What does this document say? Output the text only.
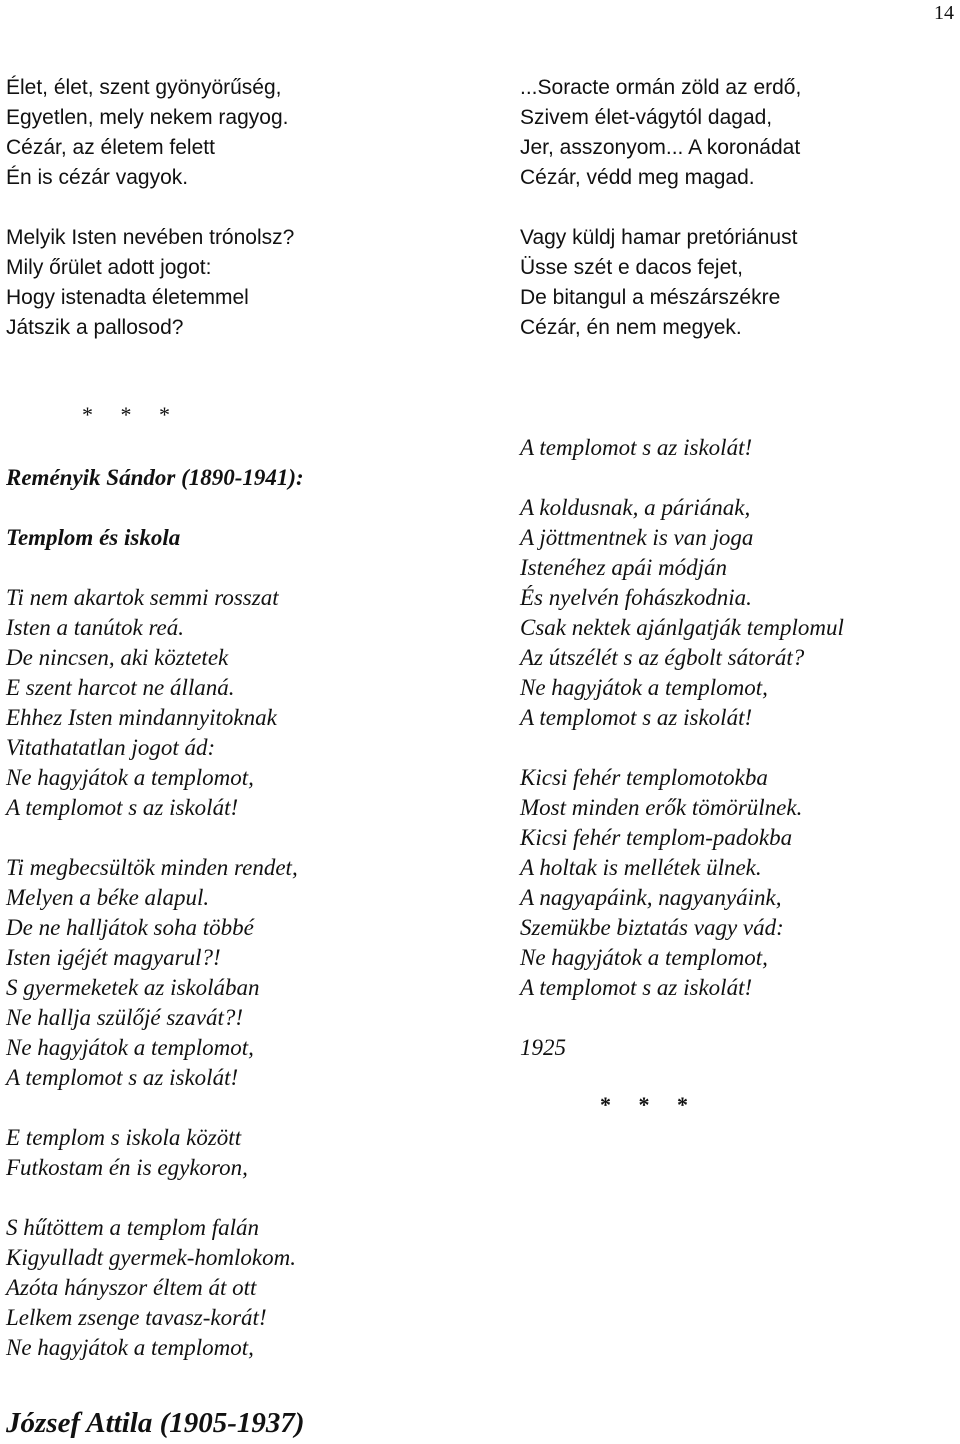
14
Élet, élet, szent gyönyörűség,
Egyetlen, mely nekem ragyog.
Cézár, az életem felett
Én is cézár vagyok.
Melyik Isten nevében trónolsz?
Mily őrület adott jogot:
Hogy istenadta életemmel
Játszik a pallosod?
...Soracte ormán zöld az erdő,
Szivem élet-vágytól dagad,
Jer, asszonyom... A koronádat
Cézár, védd meg magad.
Vagy küldj hamar pretóriánust
Üsse szét e dacos fejet,
De bitangul a mészárszékre
Cézár, én nem megyek.
*     *     *
Reményik Sándor (1890-1941):
Templom és iskola
Ti nem akartok semmi rosszat
Isten a tanútok reá.
De nincsen, aki köztetek
E szent harcot ne állaná.
Ehhez Isten mindannyitoknak
Vitathatatlan jogot ád:
Ne hagyjátok a templomot,
A templomot s az iskolát!
Ti megbecsültök minden rendet,
Melyen a béke alapul.
De ne halljátok soha többé
Isten igéjét magyarul?!
S gyermeketek az iskolában
Ne hallja szülőjé szavát?!
Ne hagyjátok a templomot,
A templomot s az iskolát!
E templom s iskola között
Futkostam én is egykoron,
S hűtöttem a templom falán
Kigyulladt gyermek-homlokom.
Azóta hányszor éltem át ott
Lelkem zsenge tavasz-korát!
Ne hagyjátok a templomot,
A templomot s az iskolát!
A koldusnak, a páriának,
A jöttmentnek is van joga
Istenéhez apái módján
És nyelvén fohászkodnia.
Csak nektek ajánlgatják templomul
Az útszélét s az égbolt sátorát?
Ne hagyjátok a templomot,
A templomot s az iskolát!
Kicsi fehér templomotokba
Most minden erők tömörülnek.
Kicsi fehér templom-padokba
A holtak is mellétek ülnek.
A nagyapáink, nagyanyáink,
Szemükbe biztatás vagy vád:
Ne hagyjátok a templomot,
A templomot s az iskolát!
1925
*     *     *
József Attila (1905-1937)
